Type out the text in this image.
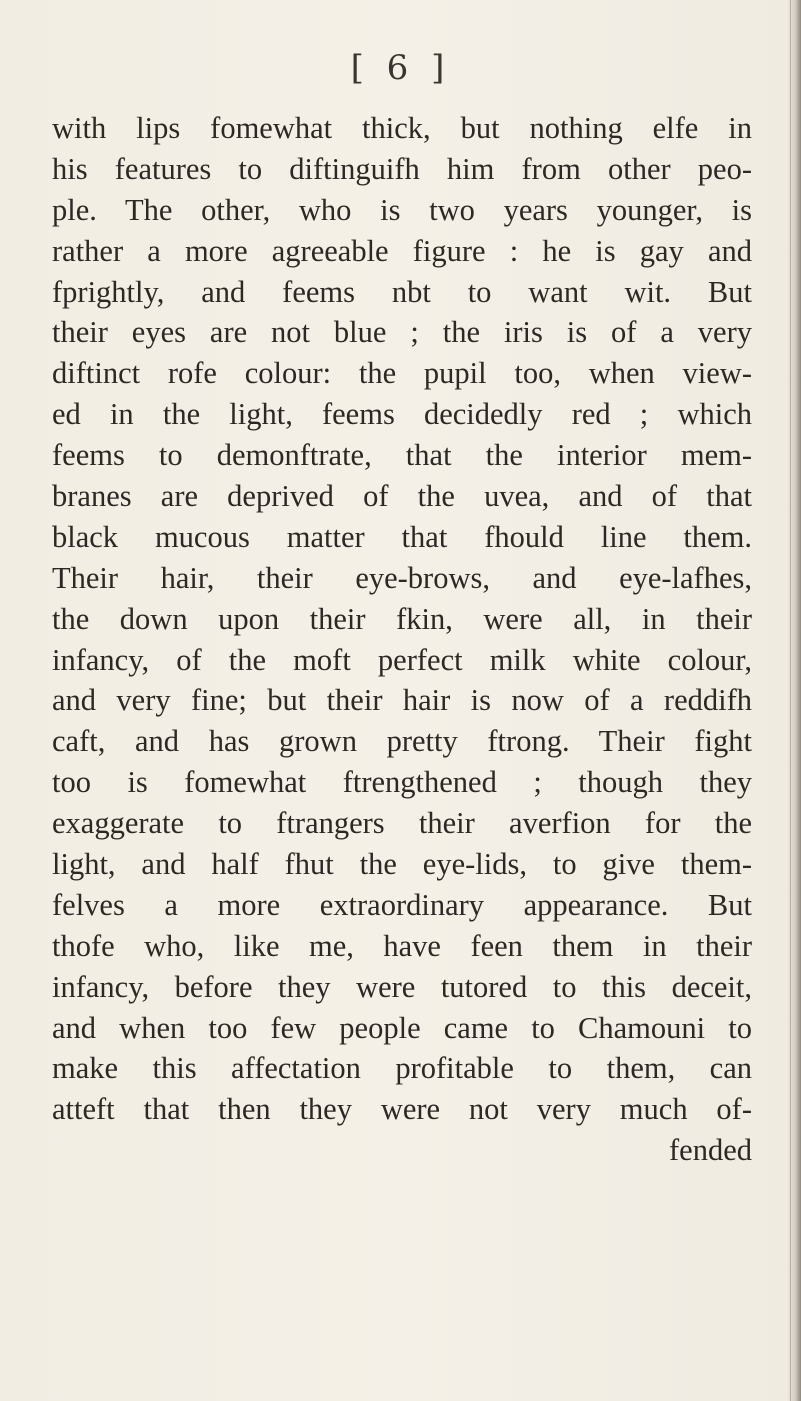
[ 6 ]
with lips fomewhat thick, but nothing elfe in
his features to diftinguifh him from other peo-
ple. The other, who is two years younger, is
rather a more agreeable figure : he is gay and
fprightly, and feems nbt to want wit. But
their eyes are not blue ; the iris is of a very
diftinct rofe colour: the pupil too, when view-
ed in the light, feems decidedly red ; which
feems to demonftrate, that the interior mem-
branes are deprived of the uvea, and of that
black mucous matter that fhould line them.
Their hair, their eye-brows, and eye-lafhes,
the down upon their fkin, were all, in their
infancy, of the moft perfect milk white colour,
and very fine; but their hair is now of a reddifh
caft, and has grown pretty ftrong. Their fight
too is fomewhat ftrengthened ; though they
exaggerate to ftrangers their averfion for the
light, and half fhut the eye-lids, to give them-
felves a more extraordinary appearance. But
thofe who, like me, have feen them in their
infancy, before they were tutored to this deceit,
and when too few people came to Chamouni to
make this affectation profitable to them, can
atteft that then they were not very much of-
fended
